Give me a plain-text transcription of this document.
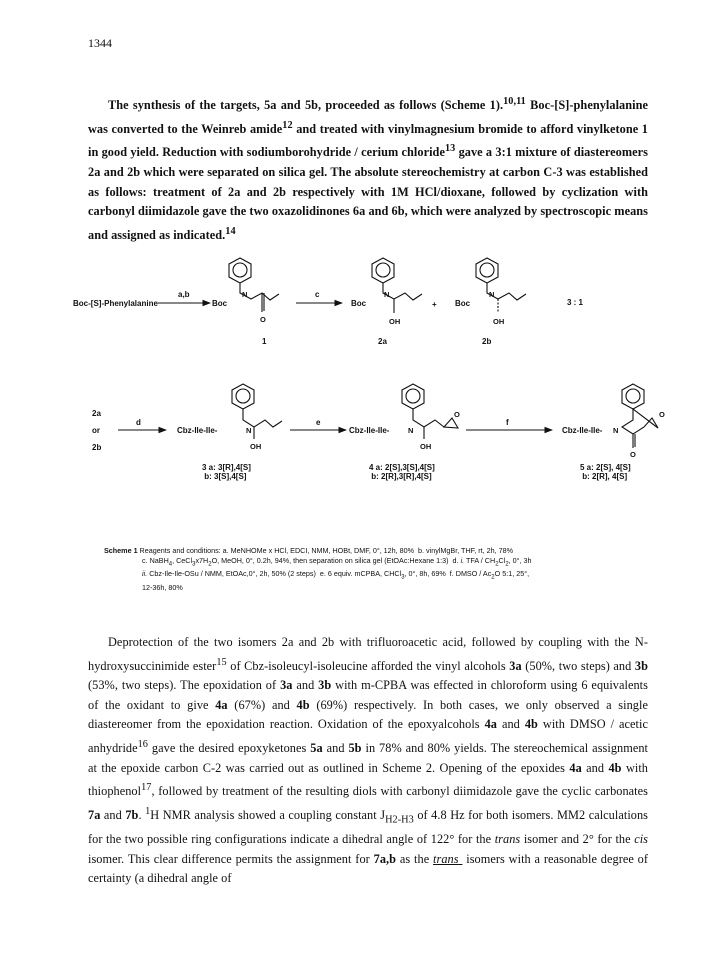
1344
The synthesis of the targets, 5a and 5b, proceeded as follows (Scheme 1).$^{10,11}$ Boc-[S]-phenylalanine was converted to the Weinreb amide$^{12}$ and treated with vinylmagnesium bromide to afford vinylketone 1 in good yield. Reduction with sodiumborohydride / cerium chloride$^{13}$ gave a 3:1 mixture of diastereomers 2a and 2b which were separated on silica gel. The absolute stereochemistry at carbon C-3 was established as follows: treatment of 2a and 2b respectively with 1M HCl/dioxane, followed by cyclization with carbonyl diimidazole gave the two oxazolidinones 6a and 6b, which were analyzed by spectroscopic means and assigned as indicated.$^{14}$
Boc-[S]-Phenylalanine
a,b	c
Boc	Boc	Boc
+	3 : 1
O	OH	OH
N	N	N
1	2a	2b
2a
or
2b
d	e	f
Cbz-Ile-Ile-	Cbz-Ile-Ile-	Cbz-Ile-Ile-
N	N	N
OH	OH
O
O	O
3 a: 3[R],4[S] b: 3[S],4[S]
4 a: 2[S],3[S],4[S] b: 2[R],3[R],4[S]
5 a: 2[S], 4[S] b: 2[R], 4[S]
Scheme 1 Reagents and conditions: a. MeNHOMe x HCl, EDCI, NMM, HOBt, DMF, 0°, 12h, 80%  b. vinylMgBr, THF, rt, 2h, 78%
c. NaBH$_4$, $CeCl_3x7H_2O$, MeOH, 0°, 0.2h, 94%, then separation on silica gel (EtOAc:Hexane 1:3)  d. i. TFA / $CH_2Cl_2$, 0°, 3h
ii. Cbz-Ile-Ile-OSu / NMM, EtOAc,0°, 2h, 50% (2 steps)  e. 6 equiv. mCPBA, CHCl$_3$, 0°, 8h, 69%  f. DMSO / $Ac_2O$ 5:1, 25°,
12-36h, 80%
Deprotection of the two isomers 2a and 2b with trifluoroacetic acid, followed by coupling with the N-hydroxysuccinimide ester$^{15}$ of Cbz-isoleucyl-isoleucine afforded the vinyl alcohols 3a (50%, two steps) and 3b (53%, two steps). The epoxidation of 3a and 3b with m-CPBA was effected in chloroform using 6 equivalents of the oxidant to give 4a (67%) and 4b (69%) respectively. In both cases, we only observed a single diastereomer from the epoxidation reaction. Oxidation of the epoxyalcohols 4a and 4b with DMSO / acetic anhydride$^{16}$ gave the desired epoxyketones 5a and 5b in 78% and 80% yields. The stereochemical assignment at the epoxide carbon C-2 was carried out as outlined in Scheme 2. Opening of the epoxides 4a and 4b with thiophenol$^{17}$, followed by treatment of the resulting diols with carbonyl diimidazole gave the cyclic carbonates 7a and 7b. $^1$H NMR analysis showed a coupling constant $J_{H2-H3}$ of 4.8 Hz for both isomers. MM2 calculations for the two possible ring configurations indicate a dihedral angle of 122° for the trans isomer and 2° for the cis isomer. This clear difference permits the assignment for 7a,b as the trans  isomers with a reasonable degree of certainty (a dihedral angle of
